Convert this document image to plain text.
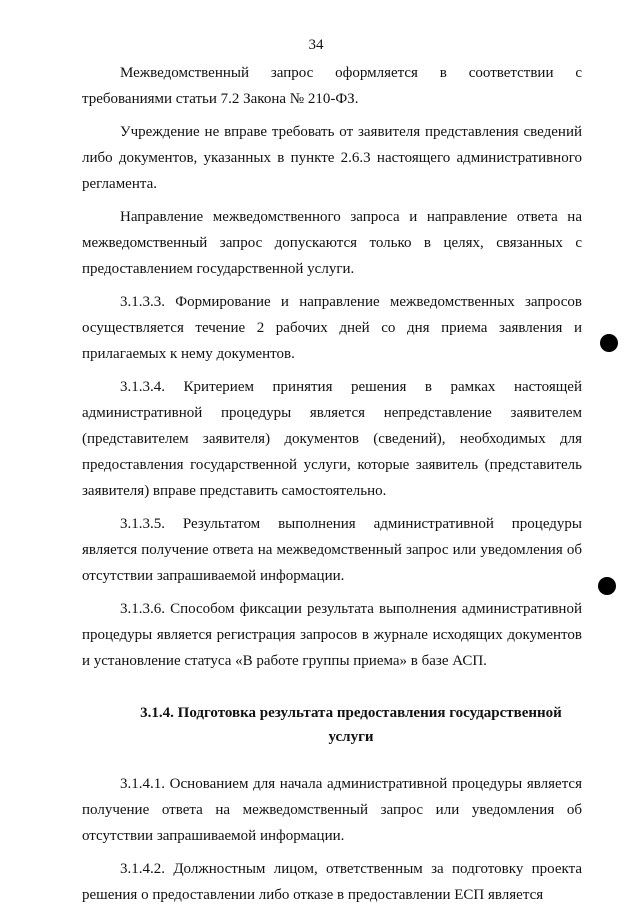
34

Межведомственный запрос оформляется в соответствии с требованиями статьи 7.2 Закона № 210-ФЗ.

Учреждение не вправе требовать от заявителя представления сведений либо документов, указанных в пункте 2.6.3 настоящего административного регламента.

Направление межведомственного запроса и направление ответа на межведомственный запрос допускаются только в целях, связанных с предоставлением государственной услуги.

3.1.3.3. Формирование и направление межведомственных запросов осуществляется течение 2 рабочих дней со дня приема заявления и прилагаемых к нему документов.

3.1.3.4. Критерием принятия решения в рамках настоящей административной процедуры является непредставление заявителем (представителем заявителя) документов (сведений), необходимых для предоставления государственной услуги, которые заявитель (представитель заявителя) вправе представить самостоятельно.

3.1.3.5. Результатом выполнения административной процедуры является получение ответа на межведомственный запрос или уведомления об отсутствии запрашиваемой информации.

3.1.3.6. Способом фиксации результата выполнения административной процедуры является регистрация запросов в журнале исходящих документов и установление статуса «В работе группы приема» в базе АСП.

3.1.4. Подготовка результата предоставления государственной услуги

3.1.4.1. Основанием для начала административной процедуры является получение ответа на межведомственный запрос или уведомления об отсутствии запрашиваемой информации.

3.1.4.2. Должностным лицом, ответственным за подготовку проекта решения о предоставлении либо отказе в предоставлении ЕСП является
